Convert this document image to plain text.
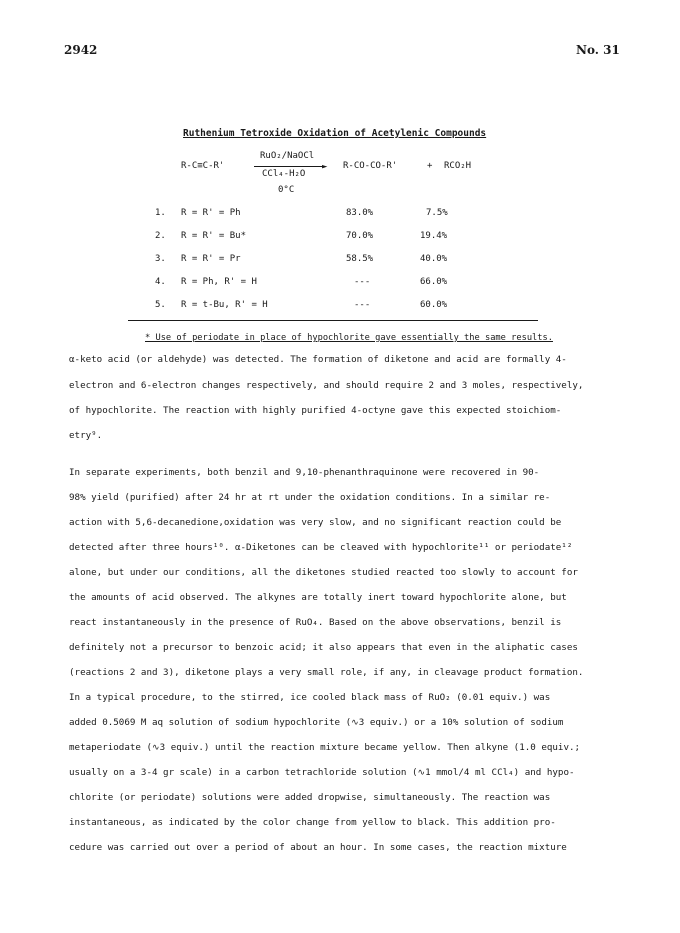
2942	No. 31
Ruthenium Tetroxide Oxidation of Acetylenic Compounds
R-C≡C-R'
RuO₂/NaOCl
►
CCl₄-H₂O
0°C
R-CO-CO-R'	+ RCO₂H
1. R = R' = Ph	83.0%	7.5%
2. R = R' = Bu*	70.0%	19.4%
3. R = R' = Pr	58.5%	40.0%
4. R = Ph, R' = H	---	66.0%
5. R = t-Bu, R' = H	---	60.0%
* Use of periodate in place of hypochlorite gave essentially the same results.
α-keto acid (or aldehyde) was detected. The formation of diketone and acid are formally 4-
electron and 6-electron changes respectively, and should require 2 and 3 moles, respectively,
of hypochlorite. The reaction with highly purified 4-octyne gave this expected stoichiom-
etry⁹.
In separate experiments, both benzil and 9,10-phenanthraquinone were recovered in 90-
98% yield (purified) after 24 hr at rt under the oxidation conditions. In a similar re-
action with 5,6-decanedione,oxidation was very slow, and no significant reaction could be
detected after three hours¹⁰. α-Diketones can be cleaved with hypochlorite¹¹ or periodate¹²
alone, but under our conditions, all the diketones studied reacted too slowly to account for
the amounts of acid observed. The alkynes are totally inert toward hypochlorite alone, but
react instantaneously in the presence of RuO₄. Based on the above observations, benzil is
definitely not a precursor to benzoic acid; it also appears that even in the aliphatic cases
(reactions 2 and 3), diketone plays a very small role, if any, in cleavage product formation.
In a typical procedure, to the stirred, ice cooled black mass of RuO₂ (0.01 equiv.) was
added 0.5069 M aq solution of sodium hypochlorite (∿3 equiv.) or a 10% solution of sodium
metaperiodate (∿3 equiv.) until the reaction mixture became yellow. Then alkyne (1.0 equiv.;
usually on a 3-4 gr scale) in a carbon tetrachloride solution (∿1 mmol/4 ml CCl₄) and hypo-
chlorite (or periodate) solutions were added dropwise, simultaneously. The reaction was
instantaneous, as indicated by the color change from yellow to black. This addition pro-
cedure was carried out over a period of about an hour. In some cases, the reaction mixture
